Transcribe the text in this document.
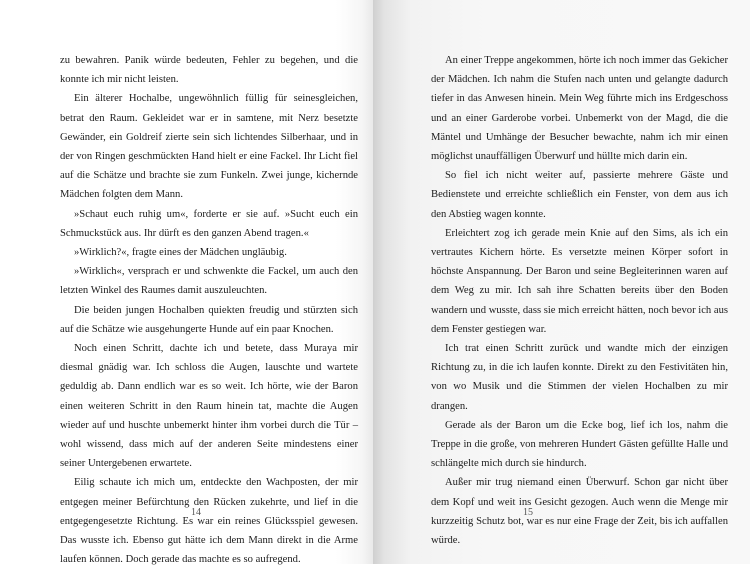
zu bewahren. Panik würde bedeuten, Fehler zu begehen, und die konnte ich mir nicht leisten.

Ein älterer Hochalbe, ungewöhnlich füllig für seinesgleichen, betrat den Raum. Gekleidet war er in samtene, mit Nerz besetzte Gewänder, ein Goldreif zierte sein sich lichtendes Silberhaar, und in der von Ringen geschmückten Hand hielt er eine Fackel. Ihr Licht fiel auf die Schätze und brachte sie zum Funkeln. Zwei junge, kichernde Mädchen folgten dem Mann.

»Schaut euch ruhig um«, forderte er sie auf. »Sucht euch ein Schmuckstück aus. Ihr dürft es den ganzen Abend tragen.«

»Wirklich?«, fragte eines der Mädchen ungläubig.

»Wirklich«, versprach er und schwenkte die Fackel, um auch den letzten Winkel des Raumes damit auszuleuchten.

Die beiden jungen Hochalben quiekten freudig und stürzten sich auf die Schätze wie ausgehungerte Hunde auf ein paar Knochen.

Noch einen Schritt, dachte ich und betete, dass Muraya mir diesmal gnädig war. Ich schloss die Augen, lauschte und wartete geduldig ab. Dann endlich war es so weit. Ich hörte, wie der Baron einen weiteren Schritt in den Raum hinein tat, machte die Augen wieder auf und huschte unbemerkt hinter ihm vorbei durch die Tür – wohl wissend, dass mich auf der anderen Seite mindestens einer seiner Untergebenen erwartete.

Eilig schaute ich mich um, entdeckte den Wachposten, der mir entgegen meiner Befürchtung den Rücken zukehrte, und lief in die entgegengesetzte Richtung. Es war ein reines Glücksspiel gewesen. Das wusste ich. Ebenso gut hätte ich dem Mann direkt in die Arme laufen können. Doch gerade das machte es so aufregend.

14

An einer Treppe angekommen, hörte ich noch immer das Gekicher der Mädchen. Ich nahm die Stufen nach unten und gelangte dadurch tiefer in das Anwesen hinein. Mein Weg führte mich ins Erdgeschoss und an einer Garderobe vorbei. Unbemerkt von der Magd, die die Mäntel und Umhänge der Besucher bewachte, nahm ich mir einen möglichst unauffälligen Überwurf und hüllte mich darin ein.

So fiel ich nicht weiter auf, passierte mehrere Gäste und Bedienstete und erreichte schließlich ein Fenster, von dem aus ich den Abstieg wagen konnte.

Erleichtert zog ich gerade mein Knie auf den Sims, als ich ein vertrautes Kichern hörte. Es versetzte meinen Körper sofort in höchste Anspannung. Der Baron und seine Begleiterinnen waren auf dem Weg zu mir. Ich sah ihre Schatten bereits über den Boden wandern und wusste, dass sie mich erreicht hätten, noch bevor ich aus dem Fenster gestiegen war.

Ich trat einen Schritt zurück und wandte mich der einzigen Richtung zu, in die ich laufen konnte. Direkt zu den Festivitäten hin, von wo Musik und die Stimmen der vielen Hochalben zu mir drangen.

Gerade als der Baron um die Ecke bog, lief ich los, nahm die Treppe in die große, von mehreren Hundert Gästen gefüllte Halle und schlängelte mich durch sie hindurch.

Außer mir trug niemand einen Überwurf. Schon gar nicht über dem Kopf und weit ins Gesicht gezogen. Auch wenn die Menge mir kurzzeitig Schutz bot, war es nur eine Frage der Zeit, bis ich auffallen würde.

15
